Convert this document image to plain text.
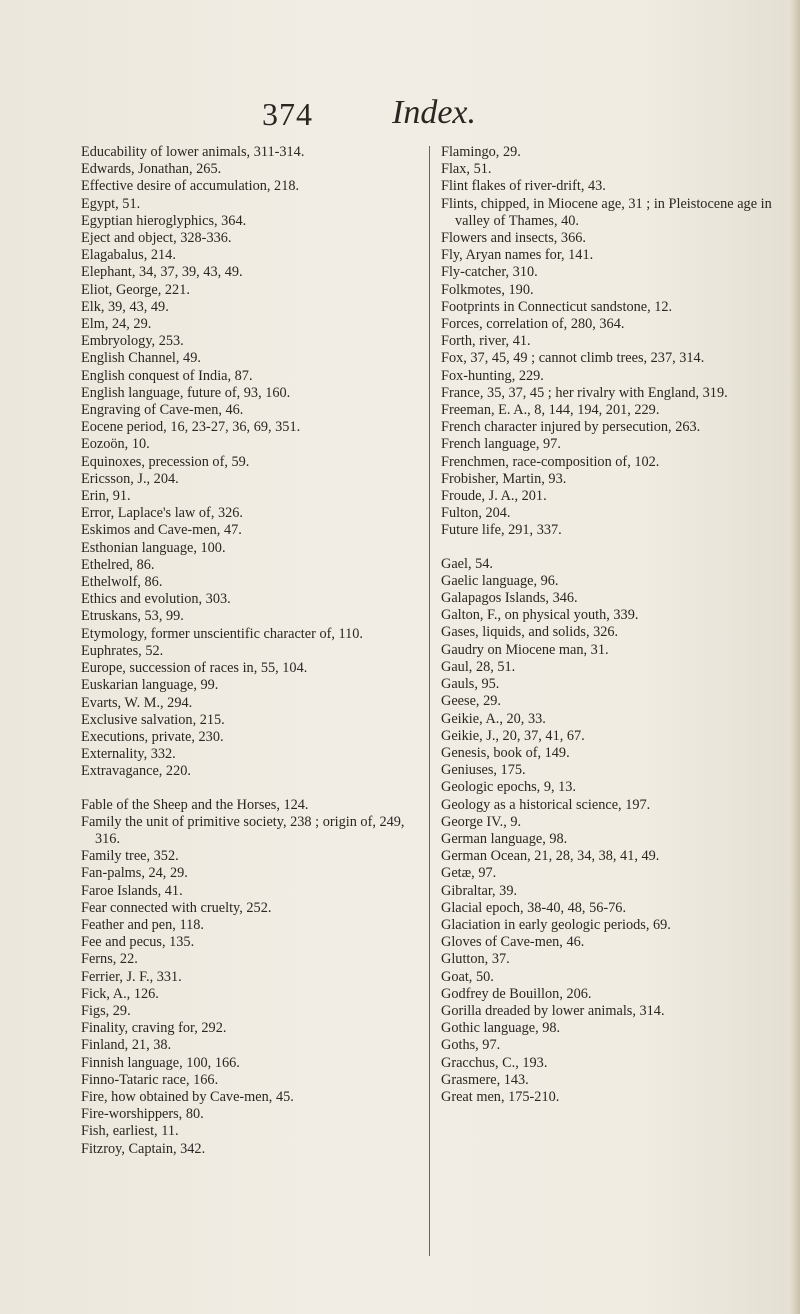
374 Index.
Educability of lower animals, 311-314.
Edwards, Jonathan, 265.
Effective desire of accumulation, 218.
Egypt, 51.
Egyptian hieroglyphics, 364.
Eject and object, 328-336.
Elagabalus, 214.
Elephant, 34, 37, 39, 43, 49.
Eliot, George, 221.
Elk, 39, 43, 49.
Elm, 24, 29.
Embryology, 253.
English Channel, 49.
English conquest of India, 87.
English language, future of, 93, 160.
Engraving of Cave-men, 46.
Eocene period, 16, 23-27, 36, 69, 351.
Eozoön, 10.
Equinoxes, precession of, 59.
Ericsson, J., 204.
Erin, 91.
Error, Laplace's law of, 326.
Eskimos and Cave-men, 47.
Esthonian language, 100.
Ethelred, 86.
Ethelwolf, 86.
Ethics and evolution, 303.
Etruskans, 53, 99.
Etymology, former unscientific character of, 110.
Euphrates, 52.
Europe, succession of races in, 55, 104.
Euskarian language, 99.
Evarts, W. M., 294.
Exclusive salvation, 215.
Executions, private, 230.
Externality, 332.
Extravagance, 220.
Fable of the Sheep and the Horses, 124.
Family the unit of primitive society, 238 ; origin of, 249, 316.
Family tree, 352.
Fan-palms, 24, 29.
Faroe Islands, 41.
Fear connected with cruelty, 252.
Feather and pen, 118.
Fee and pecus, 135.
Ferns, 22.
Ferrier, J. F., 331.
Fick, A., 126.
Figs, 29.
Finality, craving for, 292.
Finland, 21, 38.
Finnish language, 100, 166.
Finno-Tataric race, 166.
Fire, how obtained by Cave-men, 45.
Fire-worshippers, 80.
Fish, earliest, 11.
Fitzroy, Captain, 342.
Flamingo, 29.
Flax, 51.
Flint flakes of river-drift, 43.
Flints, chipped, in Miocene age, 31 ; in Pleistocene age in valley of Thames, 40.
Flowers and insects, 366.
Fly, Aryan names for, 141.
Fly-catcher, 310.
Folkmotes, 190.
Footprints in Connecticut sandstone, 12.
Forces, correlation of, 280, 364.
Forth, river, 41.
Fox, 37, 45, 49 ; cannot climb trees, 237, 314.
Fox-hunting, 229.
France, 35, 37, 45 ; her rivalry with England, 319.
Freeman, E. A., 8, 144, 194, 201, 229.
French character injured by persecution, 263.
French language, 97.
Frenchmen, race-composition of, 102.
Frobisher, Martin, 93.
Froude, J. A., 201.
Fulton, 204.
Future life, 291, 337.
Gael, 54.
Gaelic language, 96.
Galapagos Islands, 346.
Galton, F., on physical youth, 339.
Gases, liquids, and solids, 326.
Gaudry on Miocene man, 31.
Gaul, 28, 51.
Gauls, 95.
Geese, 29.
Geikie, A., 20, 33.
Geikie, J., 20, 37, 41, 67.
Genesis, book of, 149.
Geniuses, 175.
Geologic epochs, 9, 13.
Geology as a historical science, 197.
George IV., 9.
German language, 98.
German Ocean, 21, 28, 34, 38, 41, 49.
Getæ, 97.
Gibraltar, 39.
Glacial epoch, 38-40, 48, 56-76.
Glaciation in early geologic periods, 69.
Gloves of Cave-men, 46.
Glutton, 37.
Goat, 50.
Godfrey de Bouillon, 206.
Gorilla dreaded by lower animals, 314.
Gothic language, 98.
Goths, 97.
Gracchus, C., 193.
Grasmere, 143.
Great men, 175-210.
